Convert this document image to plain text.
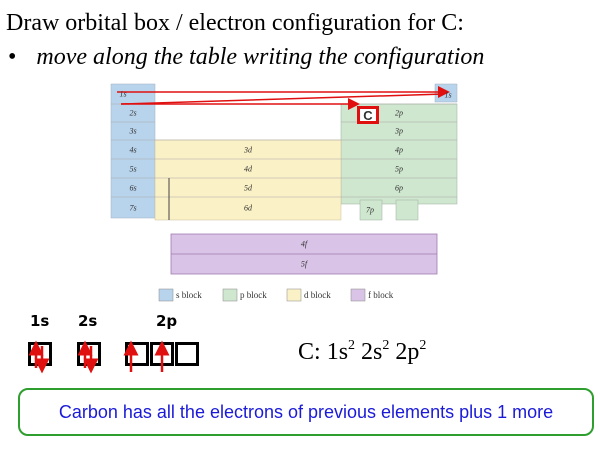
Draw orbital box / electron configuration for C:
• move along the table writing the configuration
1s
2s
3s
4s
5s
6s
7s
1s
2p
3p
4p
5p
6p
7p
3d
4d
5d
6d
4f
5f
s block	p block	d block	f block
C
1s 2s	2p
C: $1s^2$ $2s^2$ $2p^2$
Carbon has all the electrons of previous elements plus 1 more
